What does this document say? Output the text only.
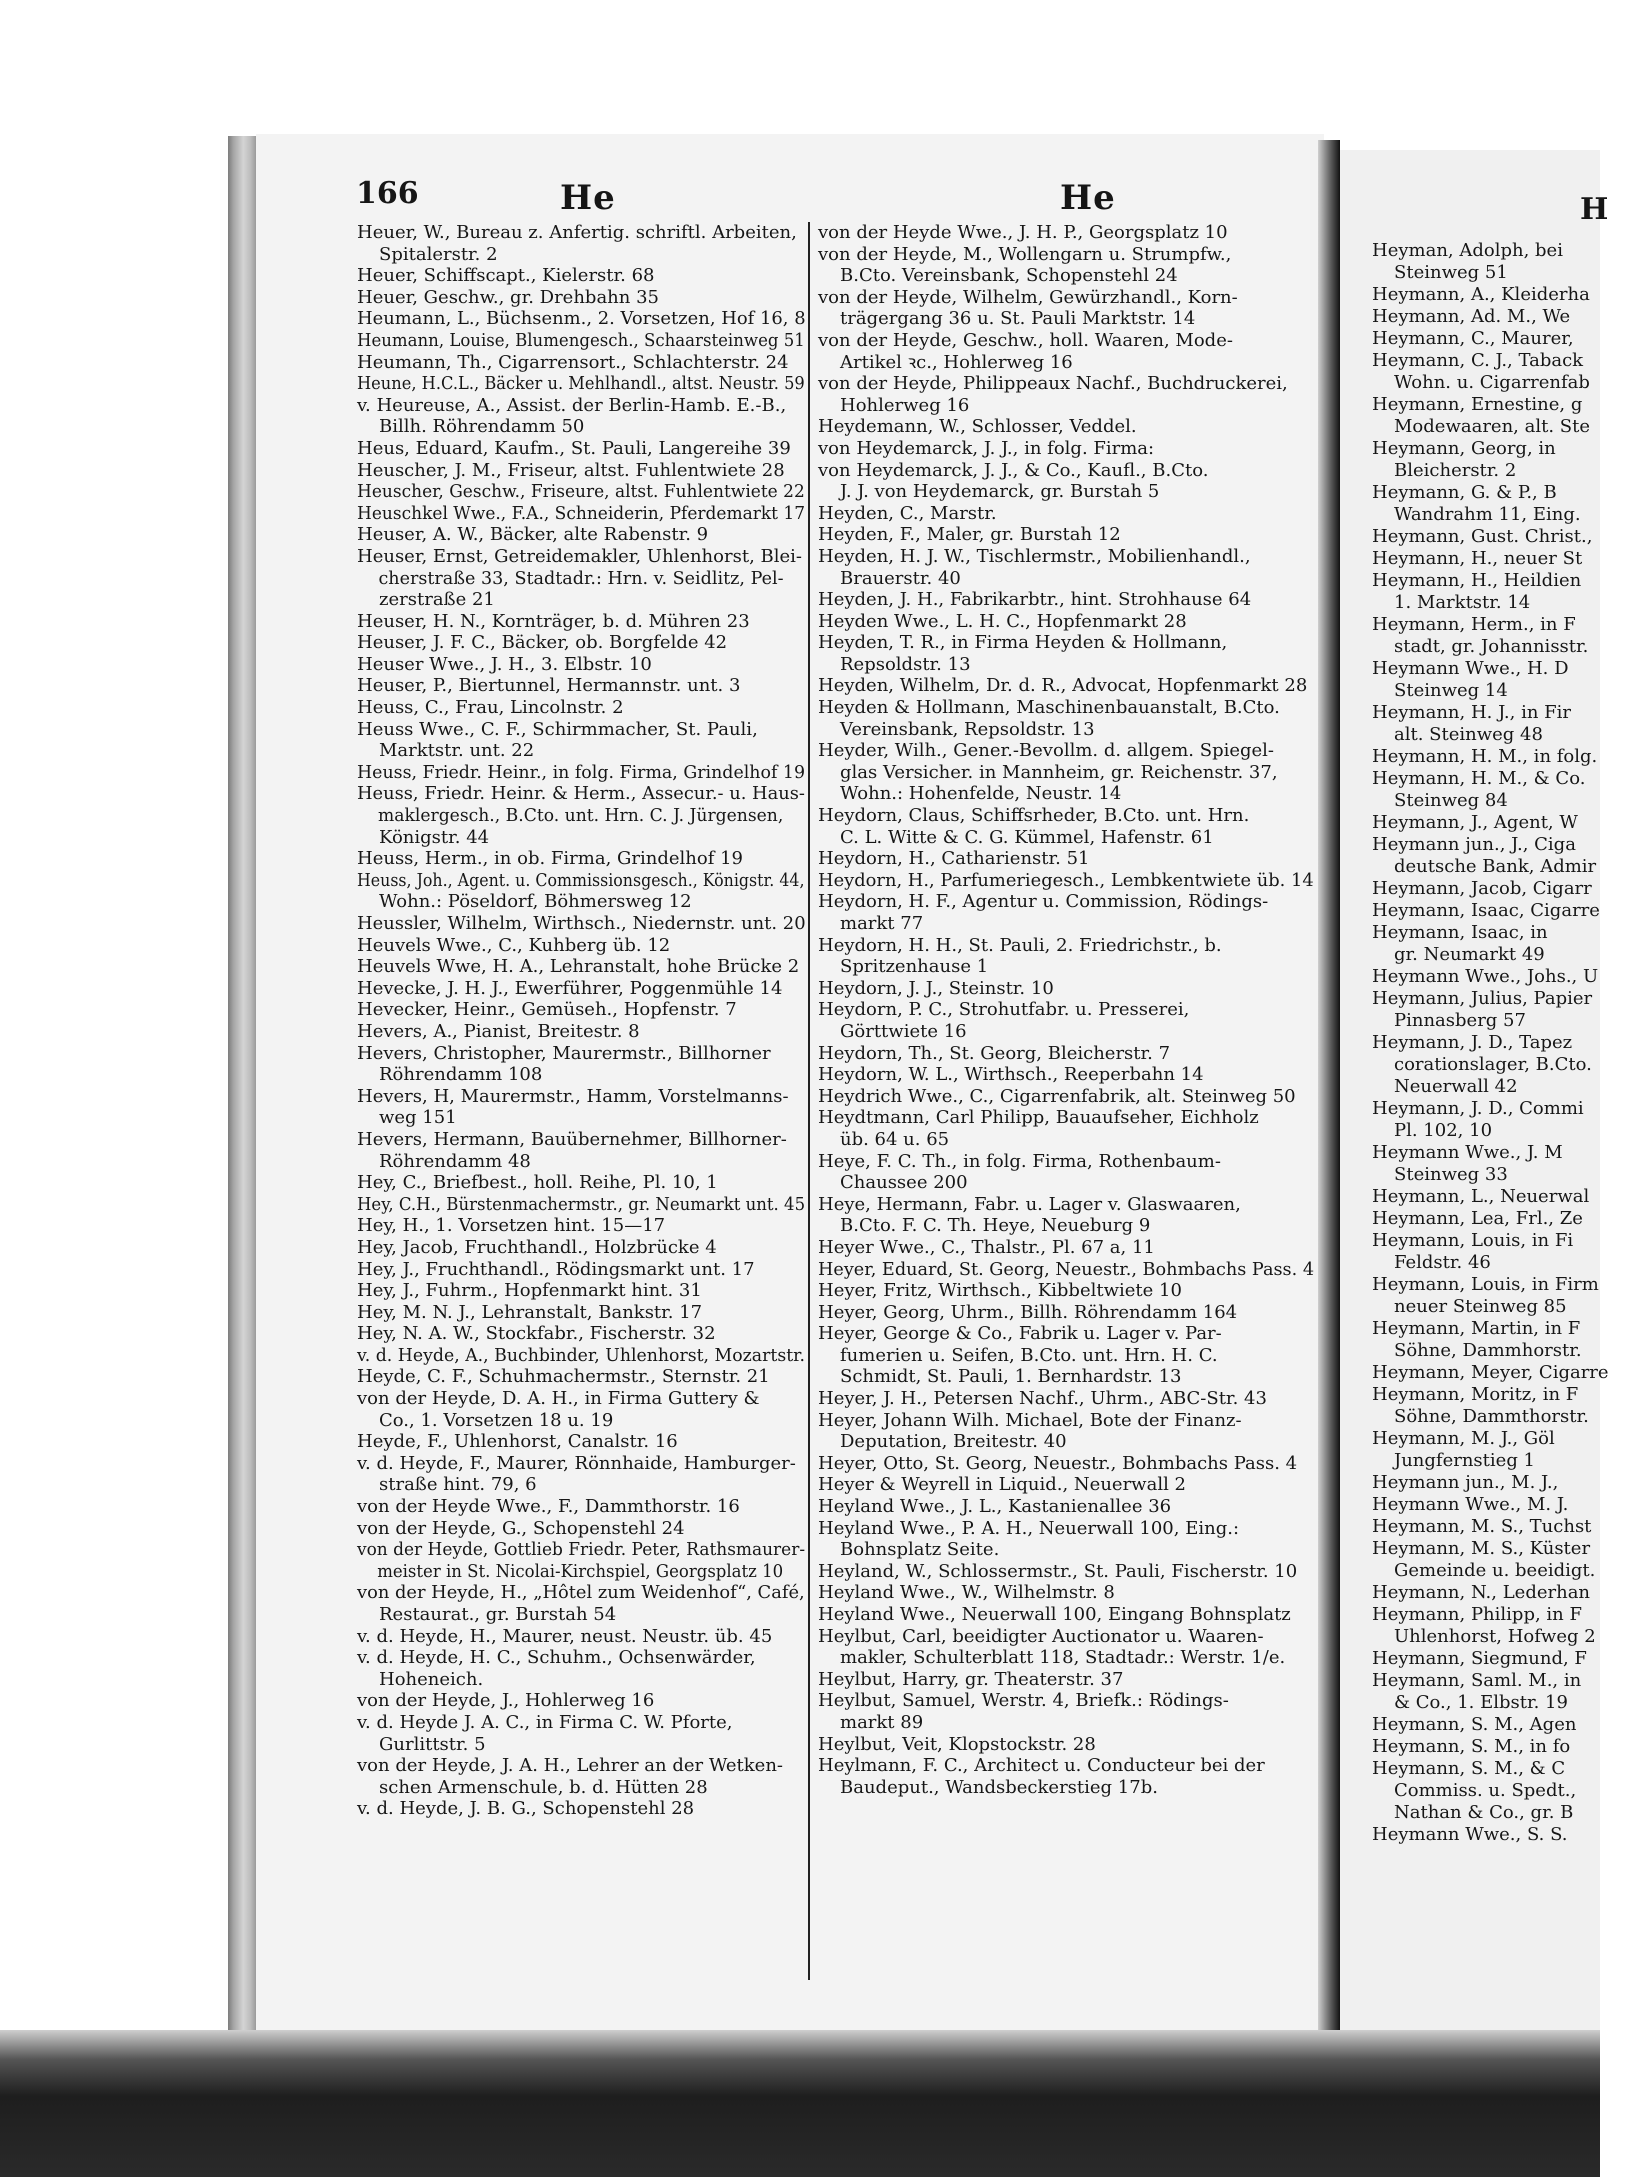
166	He	He	H
Heuer, W., Bureau z. Anfertig. schriftl. Arbeiten,
Spitalerstr. 2
Heuer, Schiffscapt., Kielerstr. 68
Heuer, Geschw., gr. Drehbahn 35
Heumann, L., Büchsenm., 2. Vorsetzen, Hof 16, 8
Heumann, Louise, Blumengesch., Schaarsteinweg 51
Heumann, Th., Cigarrensort., Schlachterstr. 24
Heune, H.C.L., Bäcker u. Mehlhandl., altst. Neustr. 59
v. Heureuse, A., Assist. der Berlin-Hamb. E.-B.,
Billh. Röhrendamm 50
Heus, Eduard, Kaufm., St. Pauli, Langereihe 39
Heuscher, J. M., Friseur, altst. Fuhlentwiete 28
Heuscher, Geschw., Friseure, altst. Fuhlentwiete 22
Heuschkel Wwe., F.A., Schneiderin, Pferdemarkt 17
Heuser, A. W., Bäcker, alte Rabenstr. 9
Heuser, Ernst, Getreidemakler, Uhlenhorst, Blei-
cherstraße 33, Stadtadr.: Hrn. v. Seidlitz, Pel-
zerstraße 21
Heuser, H. N., Kornträger, b. d. Mühren 23
Heuser, J. F. C., Bäcker, ob. Borgfelde 42
Heuser Wwe., J. H., 3. Elbstr. 10
Heuser, P., Biertunnel, Hermannstr. unt. 3
Heuss, C., Frau, Lincolnstr. 2
Heuss Wwe., C. F., Schirmmacher, St. Pauli,
Marktstr. unt. 22
Heuss, Friedr. Heinr., in folg. Firma, Grindelhof 19
Heuss, Friedr. Heinr. & Herm., Assecur.- u. Haus-
maklergesch., B.Cto. unt. Hrn. C. J. Jürgensen,
Königstr. 44
Heuss, Herm., in ob. Firma, Grindelhof 19
Heuss, Joh., Agent. u. Commissionsgesch., Königstr. 44,
Wohn.: Pöseldorf, Böhmersweg 12
Heussler, Wilhelm, Wirthsch., Niedernstr. unt. 20
Heuvels Wwe., C., Kuhberg üb. 12
Heuvels Wwe, H. A., Lehranstalt, hohe Brücke 2
Hevecke, J. H. J., Ewerführer, Poggenmühle 14
Hevecker, Heinr., Gemüseh., Hopfenstr. 7
Hevers, A., Pianist, Breitestr. 8
Hevers, Christopher, Maurermstr., Billhorner
Röhrendamm 108
Hevers, H, Maurermstr., Hamm, Vorstelmanns-
weg 151
Hevers, Hermann, Bauübernehmer, Billhorner-
Röhrendamm 48
Hey, C., Briefbest., holl. Reihe, Pl. 10, 1
Hey, C.H., Bürstenmachermstr., gr. Neumarkt unt. 45
Hey, H., 1. Vorsetzen hint. 15—17
Hey, Jacob, Fruchthandl., Holzbrücke 4
Hey, J., Fruchthandl., Rödingsmarkt unt. 17
Hey, J., Fuhrm., Hopfenmarkt hint. 31
Hey, M. N. J., Lehranstalt, Bankstr. 17
Hey, N. A. W., Stockfabr., Fischerstr. 32
v. d. Heyde, A., Buchbinder, Uhlenhorst, Mozartstr.
Heyde, C. F., Schuhmachermstr., Sternstr. 21
von der Heyde, D. A. H., in Firma Guttery &
Co., 1. Vorsetzen 18 u. 19
Heyde, F., Uhlenhorst, Canalstr. 16
v. d. Heyde, F., Maurer, Rönnhaide, Hamburger-
straße hint. 79, 6
von der Heyde Wwe., F., Dammthorstr. 16
von der Heyde, G., Schopenstehl 24
von der Heyde, Gottlieb Friedr. Peter, Rathsmaurer-
meister in St. Nicolai-Kirchspiel, Georgsplatz 10
von der Heyde, H., „Hôtel zum Weidenhof“, Café,
Restaurat., gr. Burstah 54
v. d. Heyde, H., Maurer, neust. Neustr. üb. 45
v. d. Heyde, H. C., Schuhm., Ochsenwärder,
Hoheneich.
von der Heyde, J., Hohlerweg 16
v. d. Heyde J. A. C., in Firma C. W. Pforte,
Gurlittstr. 5
von der Heyde, J. A. H., Lehrer an der Wetken-
schen Armenschule, b. d. Hütten 28
v. d. Heyde, J. B. G., Schopenstehl 28
von der Heyde Wwe., J. H. P., Georgsplatz 10
von der Heyde, M., Wollengarn u. Strumpfw.,
B.Cto. Vereinsbank, Schopenstehl 24
von der Heyde, Wilhelm, Gewürzhandl., Korn-
trägergang 36 u. St. Pauli Marktstr. 14
von der Heyde, Geschw., holl. Waaren, Mode-
Artikel ꝛc., Hohlerweg 16
von der Heyde, Philippeaux Nachf., Buchdruckerei,
Hohlerweg 16
Heydemann, W., Schlosser, Veddel.
von Heydemarck, J. J., in folg. Firma:
von Heydemarck, J. J., & Co., Kaufl., B.Cto.
J. J. von Heydemarck, gr. Burstah 5
Heyden, C., Marstr.
Heyden, F., Maler, gr. Burstah 12
Heyden, H. J. W., Tischlermstr., Mobilienhandl.,
Brauerstr. 40
Heyden, J. H., Fabrikarbtr., hint. Strohhause 64
Heyden Wwe., L. H. C., Hopfenmarkt 28
Heyden, T. R., in Firma Heyden & Hollmann,
Repsoldstr. 13
Heyden, Wilhelm, Dr. d. R., Advocat, Hopfenmarkt 28
Heyden & Hollmann, Maschinenbauanstalt, B.Cto.
Vereinsbank, Repsoldstr. 13
Heyder, Wilh., Gener.-Bevollm. d. allgem. Spiegel-
glas Versicher. in Mannheim, gr. Reichenstr. 37,
Wohn.: Hohenfelde, Neustr. 14
Heydorn, Claus, Schiffsrheder, B.Cto. unt. Hrn.
C. L. Witte & C. G. Kümmel, Hafenstr. 61
Heydorn, H., Catharienstr. 51
Heydorn, H., Parfumeriegesch., Lembkentwiete üb. 14
Heydorn, H. F., Agentur u. Commission, Rödings-
markt 77
Heydorn, H. H., St. Pauli, 2. Friedrichstr., b.
Spritzenhause 1
Heydorn, J. J., Steinstr. 10
Heydorn, P. C., Strohutfabr. u. Presserei,
Görttwiete 16
Heydorn, Th., St. Georg, Bleicherstr. 7
Heydorn, W. L., Wirthsch., Reeperbahn 14
Heydrich Wwe., C., Cigarrenfabrik, alt. Steinweg 50
Heydtmann, Carl Philipp, Bauaufseher, Eichholz
üb. 64 u. 65
Heye, F. C. Th., in folg. Firma, Rothenbaum-
Chaussee 200
Heye, Hermann, Fabr. u. Lager v. Glaswaaren,
B.Cto. F. C. Th. Heye, Neueburg 9
Heyer Wwe., C., Thalstr., Pl. 67 a, 11
Heyer, Eduard, St. Georg, Neuestr., Bohmbachs Pass. 4
Heyer, Fritz, Wirthsch., Kibbeltwiete 10
Heyer, Georg, Uhrm., Billh. Röhrendamm 164
Heyer, George & Co., Fabrik u. Lager v. Par-
fumerien u. Seifen, B.Cto. unt. Hrn. H. C.
Schmidt, St. Pauli, 1. Bernhardstr. 13
Heyer, J. H., Petersen Nachf., Uhrm., ABC-Str. 43
Heyer, Johann Wilh. Michael, Bote der Finanz-
Deputation, Breitestr. 40
Heyer, Otto, St. Georg, Neuestr., Bohmbachs Pass. 4
Heyer & Weyrell in Liquid., Neuerwall 2
Heyland Wwe., J. L., Kastanienallee 36
Heyland Wwe., P. A. H., Neuerwall 100, Eing.:
Bohnsplatz Seite.
Heyland, W., Schlossermstr., St. Pauli, Fischerstr. 10
Heyland Wwe., W., Wilhelmstr. 8
Heyland Wwe., Neuerwall 100, Eingang Bohnsplatz
Heylbut, Carl, beeidigter Auctionator u. Waaren-
makler, Schulterblatt 118, Stadtadr.: Werstr. 1/e.
Heylbut, Harry, gr. Theaterstr. 37
Heylbut, Samuel, Werstr. 4, Briefk.: Rödings-
markt 89
Heylbut, Veit, Klopstockstr. 28
Heylmann, F. C., Architect u. Conducteur bei der
Baudeput., Wandsbeckerstieg 17b.
Heyman, Adolph, bei
Steinweg 51
Heymann, A., Kleiderha
Heymann, Ad. M., We
Heymann, C., Maurer,
Heymann, C. J., Taback
Wohn. u. Cigarrenfab
Heymann, Ernestine, g
Modewaaren, alt. Ste
Heymann, Georg, in
Bleicherstr. 2
Heymann, G. & P., B
Wandrahm 11, Eing.
Heymann, Gust. Christ.,
Heymann, H., neuer St
Heymann, H., Heildien
1. Marktstr. 14
Heymann, Herm., in F
stadt, gr. Johannisstr.
Heymann Wwe., H. D
Steinweg 14
Heymann, H. J., in Fir
alt. Steinweg 48
Heymann, H. M., in folg.
Heymann, H. M., & Co.
Steinweg 84
Heymann, J., Agent, W
Heymann jun., J., Ciga
deutsche Bank, Admir
Heymann, Jacob, Cigarr
Heymann, Isaac, Cigarre
Heymann, Isaac, in
gr. Neumarkt 49
Heymann Wwe., Johs., U
Heymann, Julius, Papier
Pinnasberg 57
Heymann, J. D., Tapez
corationslager, B.Cto.
Neuerwall 42
Heymann, J. D., Commi
Pl. 102, 10
Heymann Wwe., J. M
Steinweg 33
Heymann, L., Neuerwal
Heymann, Lea, Frl., Ze
Heymann, Louis, in Fi
Feldstr. 46
Heymann, Louis, in Firm
neuer Steinweg 85
Heymann, Martin, in F
Söhne, Dammhorstr.
Heymann, Meyer, Cigarre
Heymann, Moritz, in F
Söhne, Dammthorstr.
Heymann, M. J., Göl
Jungfernstieg 1
Heymann jun., M. J.,
Heymann Wwe., M. J.
Heymann, M. S., Tuchst
Heymann, M. S., Küster
Gemeinde u. beeidigt.
Heymann, N., Lederhan
Heymann, Philipp, in F
Uhlenhorst, Hofweg 2
Heymann, Siegmund, F
Heymann, Saml. M., in
& Co., 1. Elbstr. 19
Heymann, S. M., Agen
Heymann, S. M., in fo
Heymann, S. M., & C
Commiss. u. Spedt.,
Nathan & Co., gr. B
Heymann Wwe., S. S.
